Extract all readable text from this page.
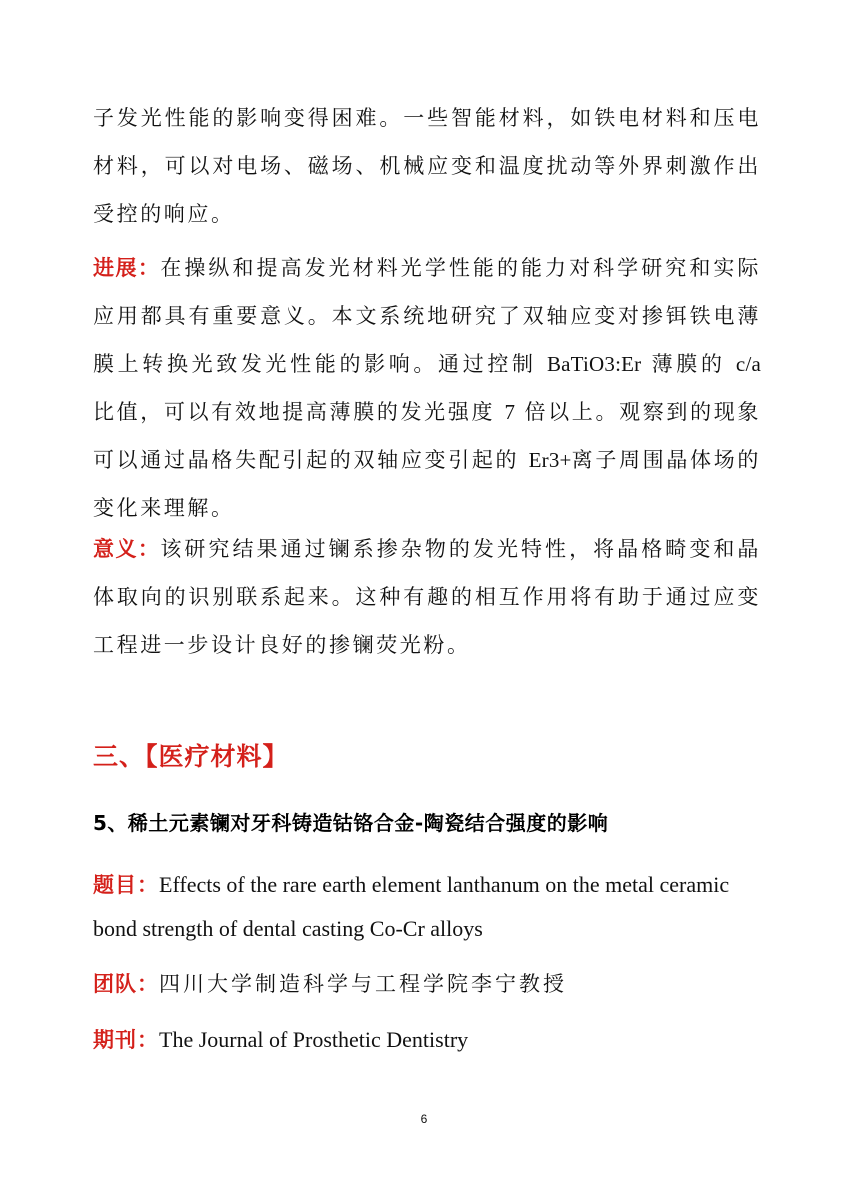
子发光性能的影响变得困难。一些智能材料，如铁电材料和压电材料，可以对电场、磁场、机械应变和温度扰动等外界刺激作出受控的响应。

进展：在操纵和提高发光材料光学性能的能力对科学研究和实际应用都具有重要意义。本文系统地研究了双轴应变对掺铒铁电薄膜上转换光致发光性能的影响。通过控制 BaTiO3:Er 薄膜的 c/a 比值，可以有效地提高薄膜的发光强度 7 倍以上。观察到的现象可以通过晶格失配引起的双轴应变引起的 Er3+离子周围晶体场的变化来理解。

意义：该研究结果通过镧系掺杂物的发光特性，将晶格畸变和晶体取向的识别联系起来。这种有趣的相互作用将有助于通过应变工程进一步设计良好的掺镧荧光粉。

三、【医疗材料】
5、稀土元素镧对牙科铸造钴铬合金-陶瓷结合强度的影响

题目：Effects of the rare earth element lanthanum on the metal ceramic bond strength of dental casting Co-Cr alloys

团队：四川大学制造科学与工程学院李宁教授

期刊：The Journal of Prosthetic Dentistry

6
